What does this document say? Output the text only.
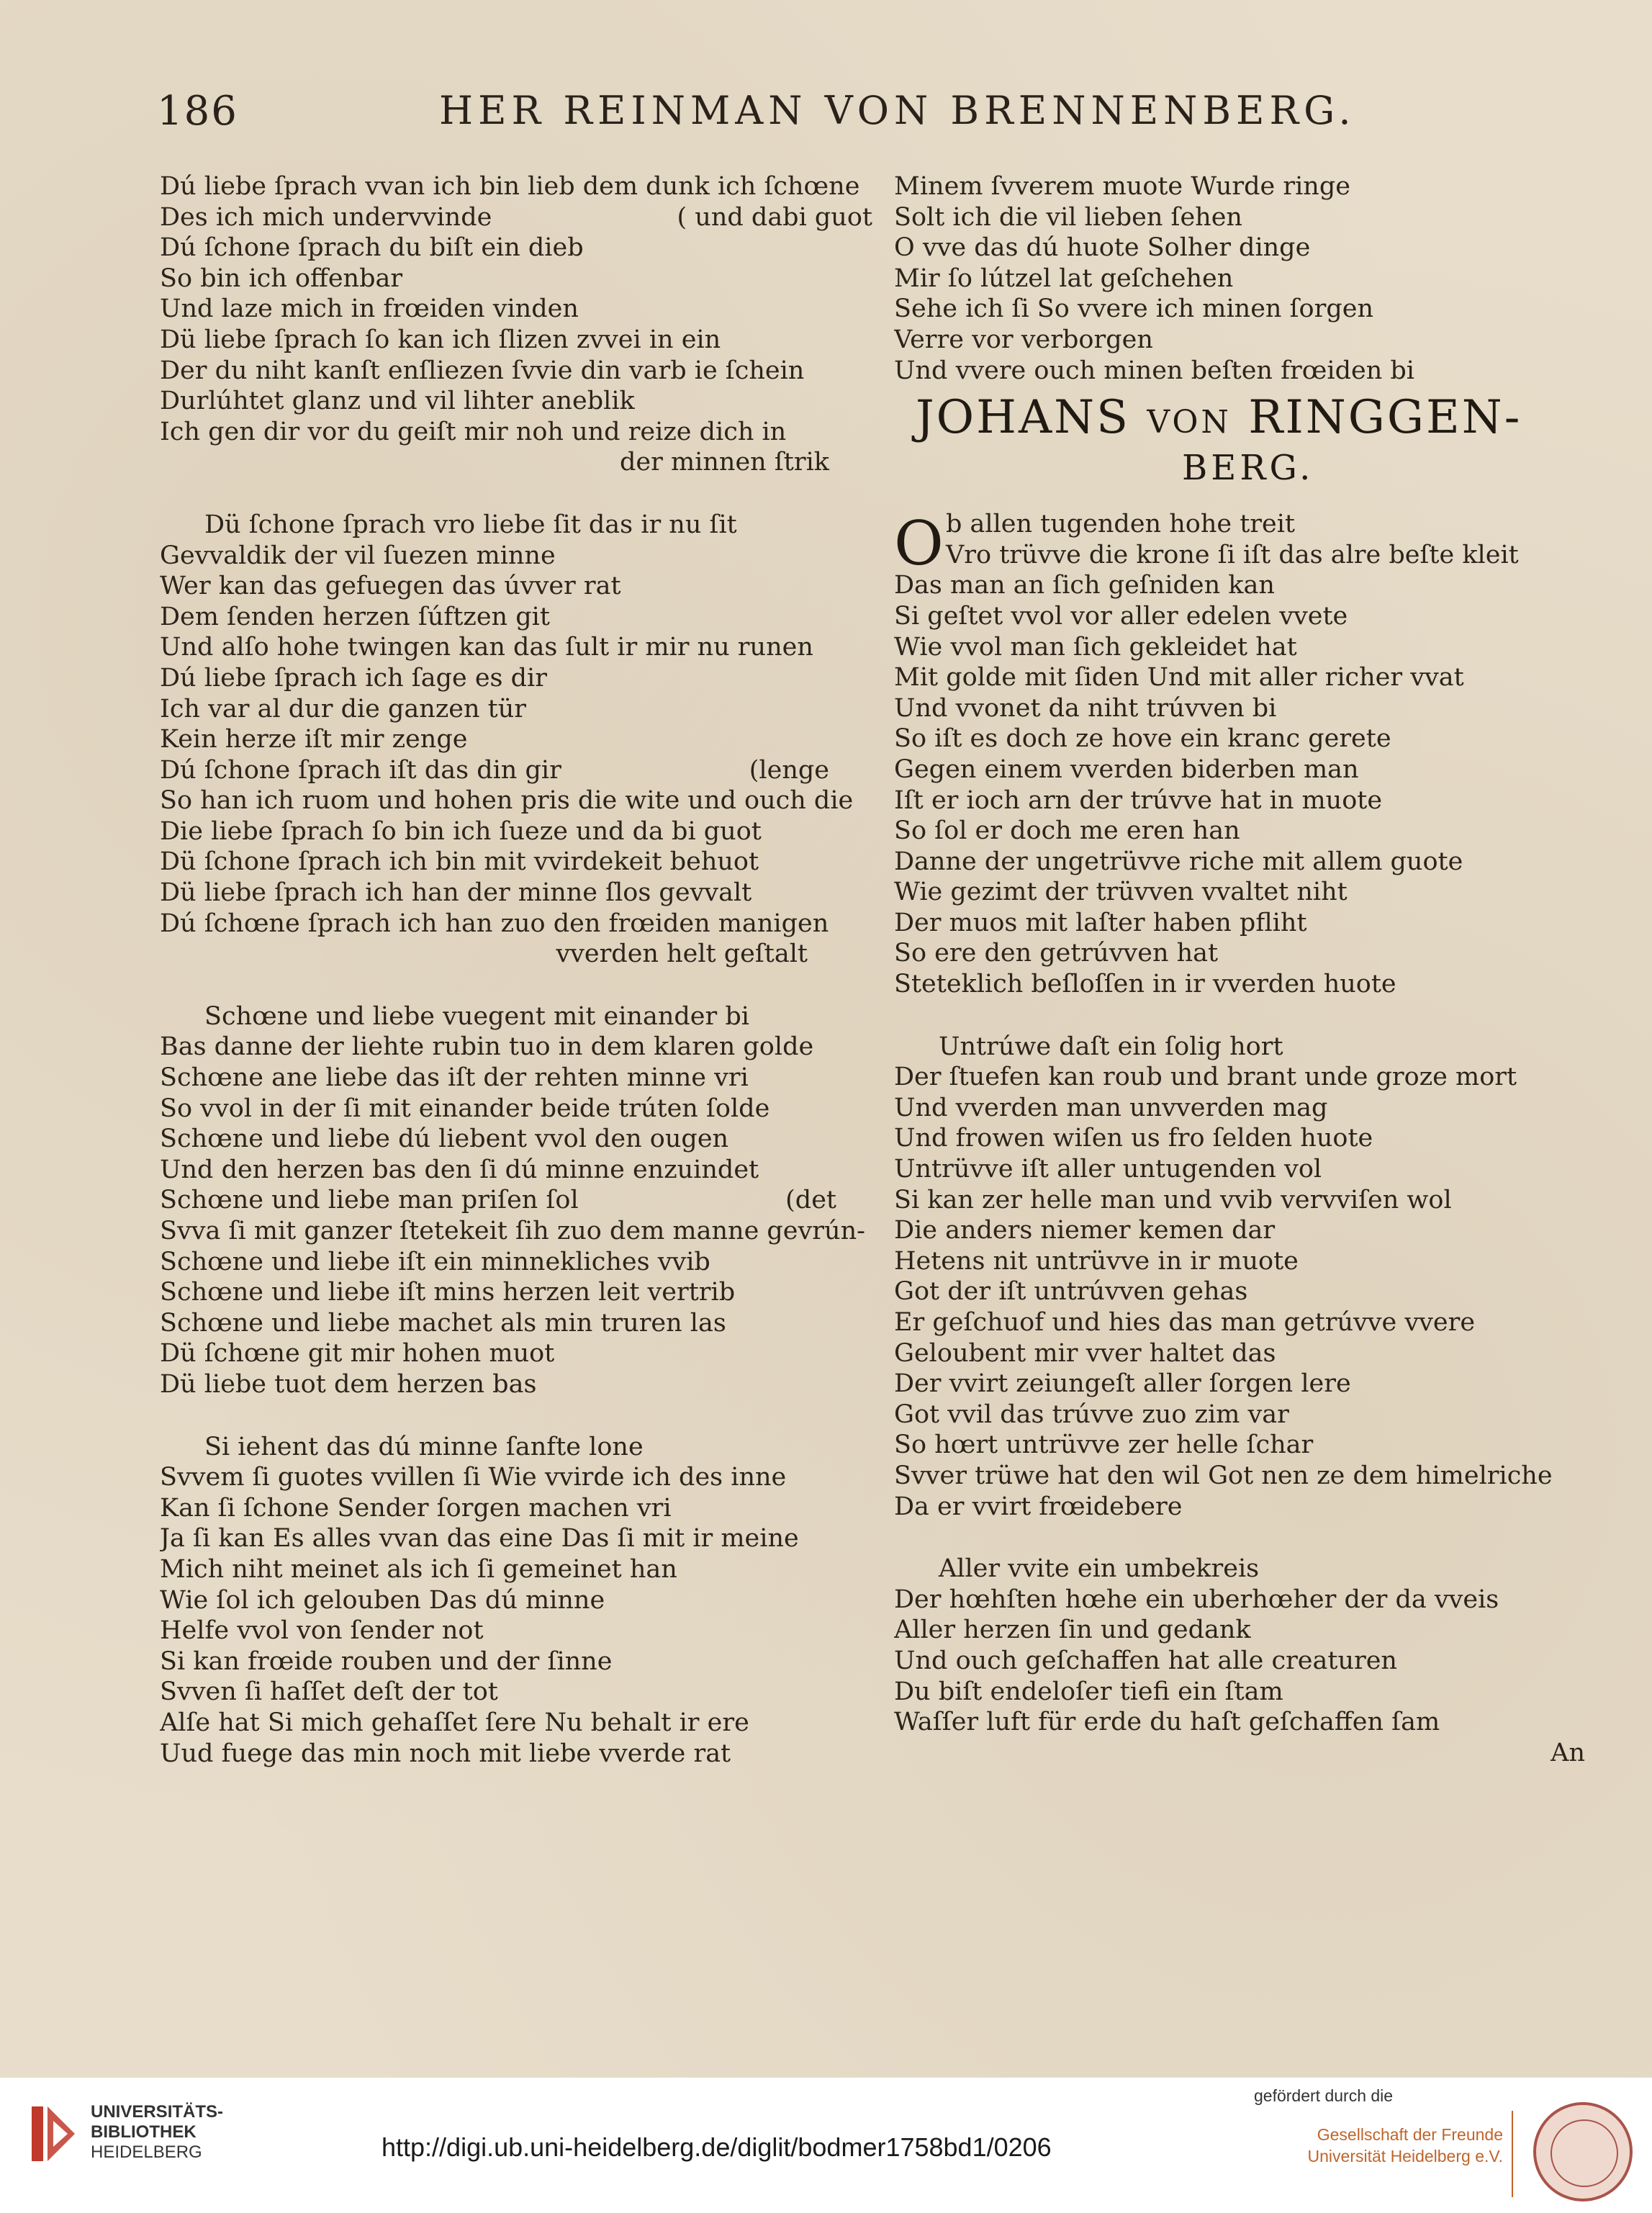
186	HER REINMAN VON BRENNENBERG.
Dú liebe ſprach vvan ich bin lieb dem dunk ich ſchœne
Des ich mich undervvinde	( und dabi guot
Dú ſchone ſprach du biſt ein dieb
So bin ich offenbar
Und laze mich in frœiden vinden
Dü liebe ſprach ſo kan ich ſlizen zvvei in ein
Der du niht kanſt enſliezen ſvvie din varb ie ſchein
Durlúhtet glanz und vil lihter aneblik
Ich gen dir vor du geiſt mir noh und reize dich in
der minnen ſtrik
Dü ſchone ſprach vro liebe ſit das ir nu ſit
Gevvaldik der vil ſuezen minne
Wer kan das gefuegen das úvver rat
Dem ſenden herzen ſúftzen git
Und alſo hohe twingen kan das ſult ir mir nu runen
Dú liebe ſprach ich ſage es dir
Ich var al dur die ganzen tür
Kein herze iſt mir zenge
Dú ſchone ſprach iſt das din gir	(lenge
So han ich ruom und hohen pris die wite und ouch die
Die liebe ſprach ſo bin ich ſueze und da bi guot
Dü ſchone ſprach ich bin mit vvirdekeit behuot
Dü liebe ſprach ich han der minne ſlos gevvalt
Dú ſchœne ſprach ich han zuo den frœiden manigen
vverden helt geſtalt
Schœne und liebe vuegent mit einander bi
Bas danne der liehte rubin tuo in dem klaren golde
Schœne ane liebe das iſt der rehten minne vri
So vvol in der ſi mit einander beide trúten ſolde
Schœne und liebe dú liebent vvol den ougen
Und den herzen bas den ſi dú minne enzuindet
Schœne und liebe man priſen ſol	(det
Svva ſi mit ganzer ſtetekeit ſih zuo dem manne gevrún-
Schœne und liebe iſt ein minnekliches vvib
Schœne und liebe iſt mins herzen leit vertrib
Schœne und liebe machet als min truren las
Dü ſchœne git mir hohen muot
Dü liebe tuot dem herzen bas
Si iehent das dú minne ſanfte lone
Svvem ſi guotes vvillen ſi Wie vvirde ich des inne
Kan ſi ſchone Sender ſorgen machen vri
Ja ſi kan Es alles vvan das eine Das ſi mit ir meine
Mich niht meinet als ich ſi gemeinet han
Wie ſol ich gelouben Das dú minne
Helfe vvol von ſender not
Si kan frœide rouben und der ſinne
Svven ſi haſſet deſt der tot
Alſe hat Si mich gehaſſet ſere Nu behalt ir ere
Uud fuege das min noch mit liebe vverde rat
Minem ſvverem muote Wurde ringe
Solt ich die vil lieben ſehen
O vve das dú huote Solher dinge
Mir ſo lútzel lat geſchehen
Sehe ich ſi So vvere ich minen ſorgen
Verre vor verborgen
Und vvere ouch minen beſten frœiden bi
JOHANS VON RINGGEN-
BERG.
O b allen tugenden hohe treit
Vro trüvve die krone ſi iſt das alre beſte kleit
Das man an ſich geſniden kan
Si geſtet vvol vor aller edelen vvete
Wie vvol man ſich gekleidet hat
Mit golde mit ſiden Und mit aller richer vvat
Und vvonet da niht trúvven bi
So iſt es doch ze hove ein kranc gerete
Gegen einem vverden biderben man
Iſt er ioch arn der trúvve hat in muote
So ſol er doch me eren han
Danne der ungetrüvve riche mit allem guote
Wie gezimt der trüvven vvaltet niht
Der muos mit laſter haben pfliht
So ere den getrúvven hat
Steteklich beſloſſen in ir vverden huote
Untrúwe daſt ein ſolig hort
Der ſtuefen kan roub und brant unde groze mort
Und vverden man unvverden mag
Und frowen wiſen us fro ſelden huote
Untrüvve iſt aller untugenden vol
Si kan zer helle man und vvib vervviſen wol
Die anders niemer kemen dar
Hetens nit untrüvve in ir muote
Got der iſt untrúvven gehas
Er geſchuof und hies das man getrúvve vvere
Geloubent mir vver haltet das
Der vvirt zeiungeſt aller ſorgen lere
Got vvil das trúvve zuo zim var
So hœrt untrüvve zer helle ſchar
Svver trüwe hat den wil Got nen ze dem himelriche
Da er vvirt frœidebere
Aller vvite ein umbekreis
Der hœhſten hœhe ein uberhœher der da vveis
Aller herzen ſin und gedank
Und ouch geſchaffen hat alle creaturen
Du biſt endeloſer tiefi ein ſtam
Waſſer luft für erde du haſt geſchaffen ſam
An
UNIVERSITÄTS-
BIBLIOTHEK
HEIDELBERG	http://digi.ub.uni-heidelberg.de/diglit/bodmer1758bd1/0206
gefördert durch die
Gesellschaft der Freunde
Universität Heidelberg e.V.
